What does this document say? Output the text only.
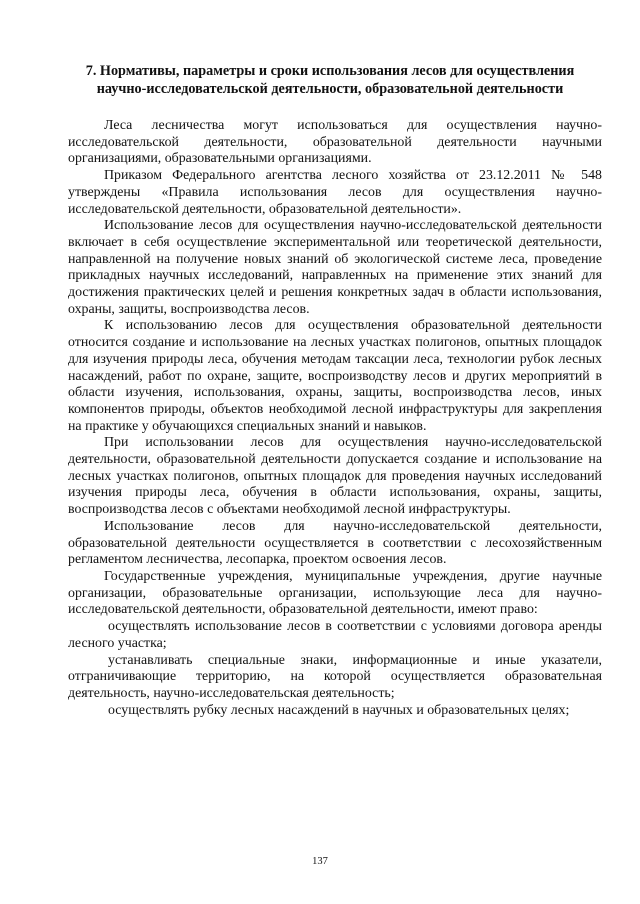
7. Нормативы, параметры и сроки использования лесов для осуществления научно-исследовательской деятельности, образовательной деятельности

Леса лесничества могут использоваться для осуществления научно-исследовательской деятельности, образовательной деятельности научными организациями, образовательными организациями.

Приказом Федерального агентства лесного хозяйства от 23.12.2011 № 548 утверждены «Правила использования лесов для осуществления научно-исследовательской деятельности, образовательной деятельности».

Использование лесов для осуществления научно-исследовательской деятельности включает в себя осуществление экспериментальной или теоретической деятельности, направленной на получение новых знаний об экологической системе леса, проведение прикладных научных исследований, направленных на применение этих знаний для достижения практических целей и решения конкретных задач в области использования, охраны, защиты, воспроизводства лесов.

К использованию лесов для осуществления образовательной деятельности относится создание и использование на лесных участках полигонов, опытных площадок для изучения природы леса, обучения методам таксации леса, технологии рубок лесных насаждений, работ по охране, защите, воспроизводству лесов и других мероприятий в области изучения, использования, охраны, защиты, воспроизводства лесов, иных компонентов природы, объектов необходимой лесной инфраструктуры для закрепления на практике у обучающихся специальных знаний и навыков.

При использовании лесов для осуществления научно-исследовательской деятельности, образовательной деятельности допускается создание и использование на лесных участках полигонов, опытных площадок для проведения научных исследований изучения природы леса, обучения в области использования, охраны, защиты, воспроизводства лесов с объектами необходимой лесной инфраструктуры.

Использование лесов для научно-исследовательской деятельности, образовательной деятельности осуществляется в соответствии с лесохозяйственным регламентом лесничества, лесопарка, проектом освоения лесов.

Государственные учреждения, муниципальные учреждения, другие научные организации, образовательные организации, использующие леса для научно-исследовательской деятельности, образовательной деятельности, имеют право:

осуществлять использование лесов в соответствии с условиями договора аренды лесного участка;

устанавливать специальные знаки, информационные и иные указатели, отграничивающие территорию, на которой осуществляется образовательная деятельность, научно-исследовательская деятельность;

осуществлять рубку лесных насаждений в научных и образовательных целях;

137
